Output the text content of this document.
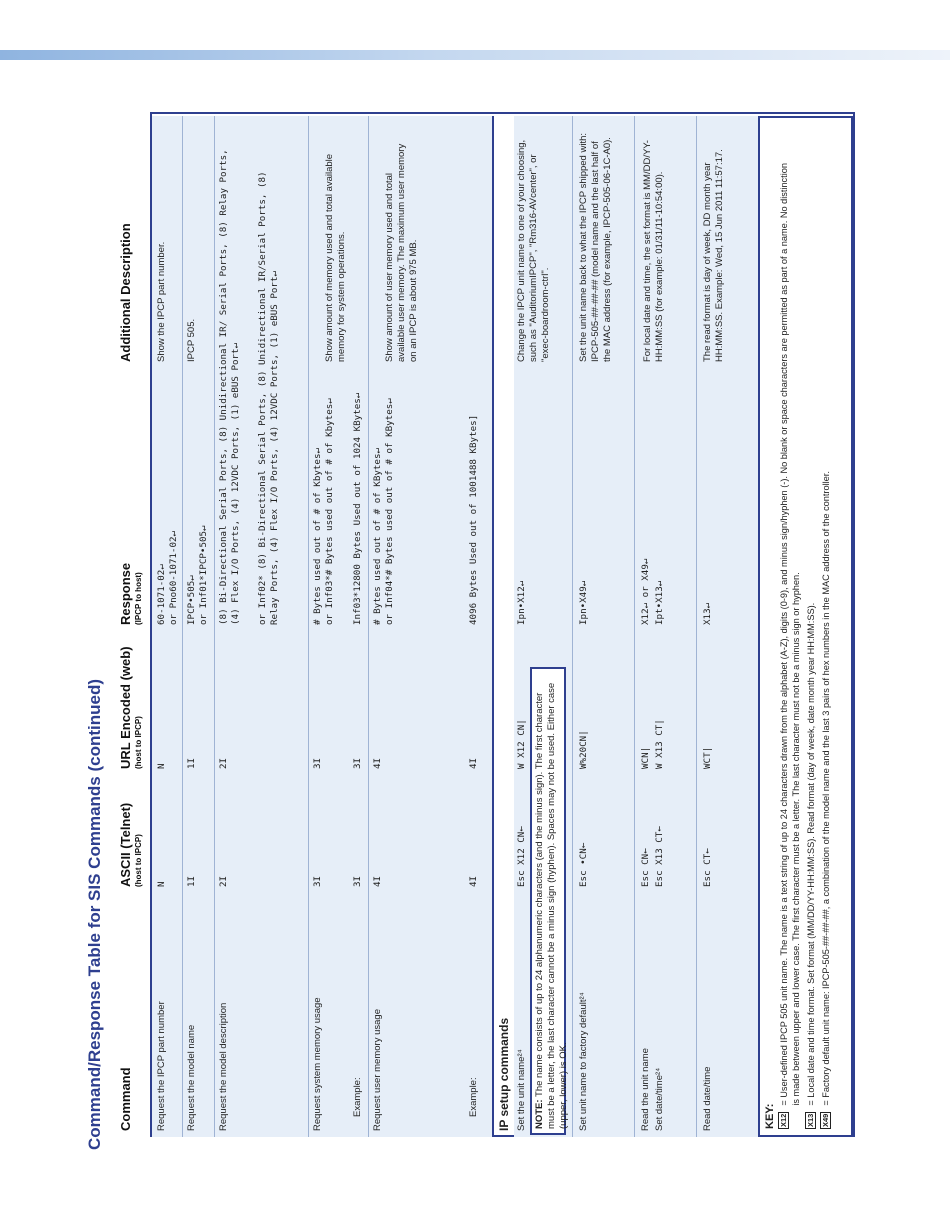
Command/Response Table for SIS Commands (continued)	Command
ASCII (Telnet) (host to IPCP)
URL Encoded (web) (host to IPCP)
Response (IPCP to host)
Additional Description
Request the IPCP part number
N
N
60-1071-02↵ or Pno60-1071-02↵
Show the IPCP part number.
Request the model name
1I
1I
IPCP•505↵ or Inf01*IPCP•505↵
IPCP 505.
Request the model description
2I
2I
(8) Bi-Directional Serial Ports, (8) Unidirectional IR/ Serial Ports, (8) Relay Ports, (4) Flex I/O Ports, (4) 12VDC Ports, (1) eBUS Port↵ or Inf02* (8) Bi-Directional Serial Ports, (8) Unidirectional IR/Serial Ports, (8) Relay Ports, (4) Flex I/O Ports, (4) 12VDC Ports, (1) eBUS Port↵
Request system memory usage
3I
3I
# Bytes used out of # of Kbytes↵ or Inf03*# Bytes used out of # of Kbytes↵
Show amount of memory used and total available memory for system operations.
Example:
3I
3I
Inf03*12800 Bytes Used out of 1024 KBytes↵
Request user memory usage
4I
4I
# Bytes used out of # of KBytes↵ or Inf04*# Bytes used out of # of KBytes↵
Show amount of user memory used and total available user memory. The maximum user memory on an IPCP is about 975 MB.
Example:
4I
4I
4096 Bytes Used out of 1001488 KBytes]
IP setup commands Set the unit name²⁴
Esc X12 CN←
W X12 CN|
Ipn•X12↵
Change the IPCP unit name to one of your choosing, such as "AuditoriumIPCP", "Rm316-AVcenter", or "exec-boardroom-ctrl".
NOTE: The name consists of up to 24 alphanumeric characters (and the minus sign). The first character must be a letter, the last character cannot be a minus sign (hyphen). Spaces may not be used. Either case (upper, lower) is OK. Set unit name to factory default²⁴
Esc •CN←
W%20CN|
Ipn•X49↵
Set the unit name back to what the IPCP shipped with: IPCP-505-##-##-## (model name and the last half of the MAC address (for example, IPCP-505-06-1C-A0).
Read the unit name
Esc CN←
WCN|
X12↵ or X49↵
Set date/time²⁴
Esc X13 CT←
W X13 CT|
Ipt•X13↵
For local date and time, the set format is MM/DD/YY-HH:MM:SS (for example: 01/31/11-10:54:00).
Read date/time
Esc CT←
WCT|
X13↵
The read format is day of week, DD month year HH:MM:SS. Example: Wed, 15 Jun 2011 11:57:17.
KEY: X12
= User-defined IPCP 505 unit name. The name is a text string of up to 24 characters drawn from the alphabet (A-Z), digits (0-9), and minus sign/hyphen (-). No blank or space characters are permitted as part of a name. No distinction is made between upper and lower case. The first character must be a letter. The last character must not be a minus sign or hyphen.
X13
= Local date and time format. Set format (MM/DD/YY-HH:MM:SS). Read format (day of week, date month year HH:MM:SS).
X49
= Factory default unit name: IPCP-505-##-##-##, a combination of the model name and the last 3 pairs of hex numbers in the MAC address of the controller.
